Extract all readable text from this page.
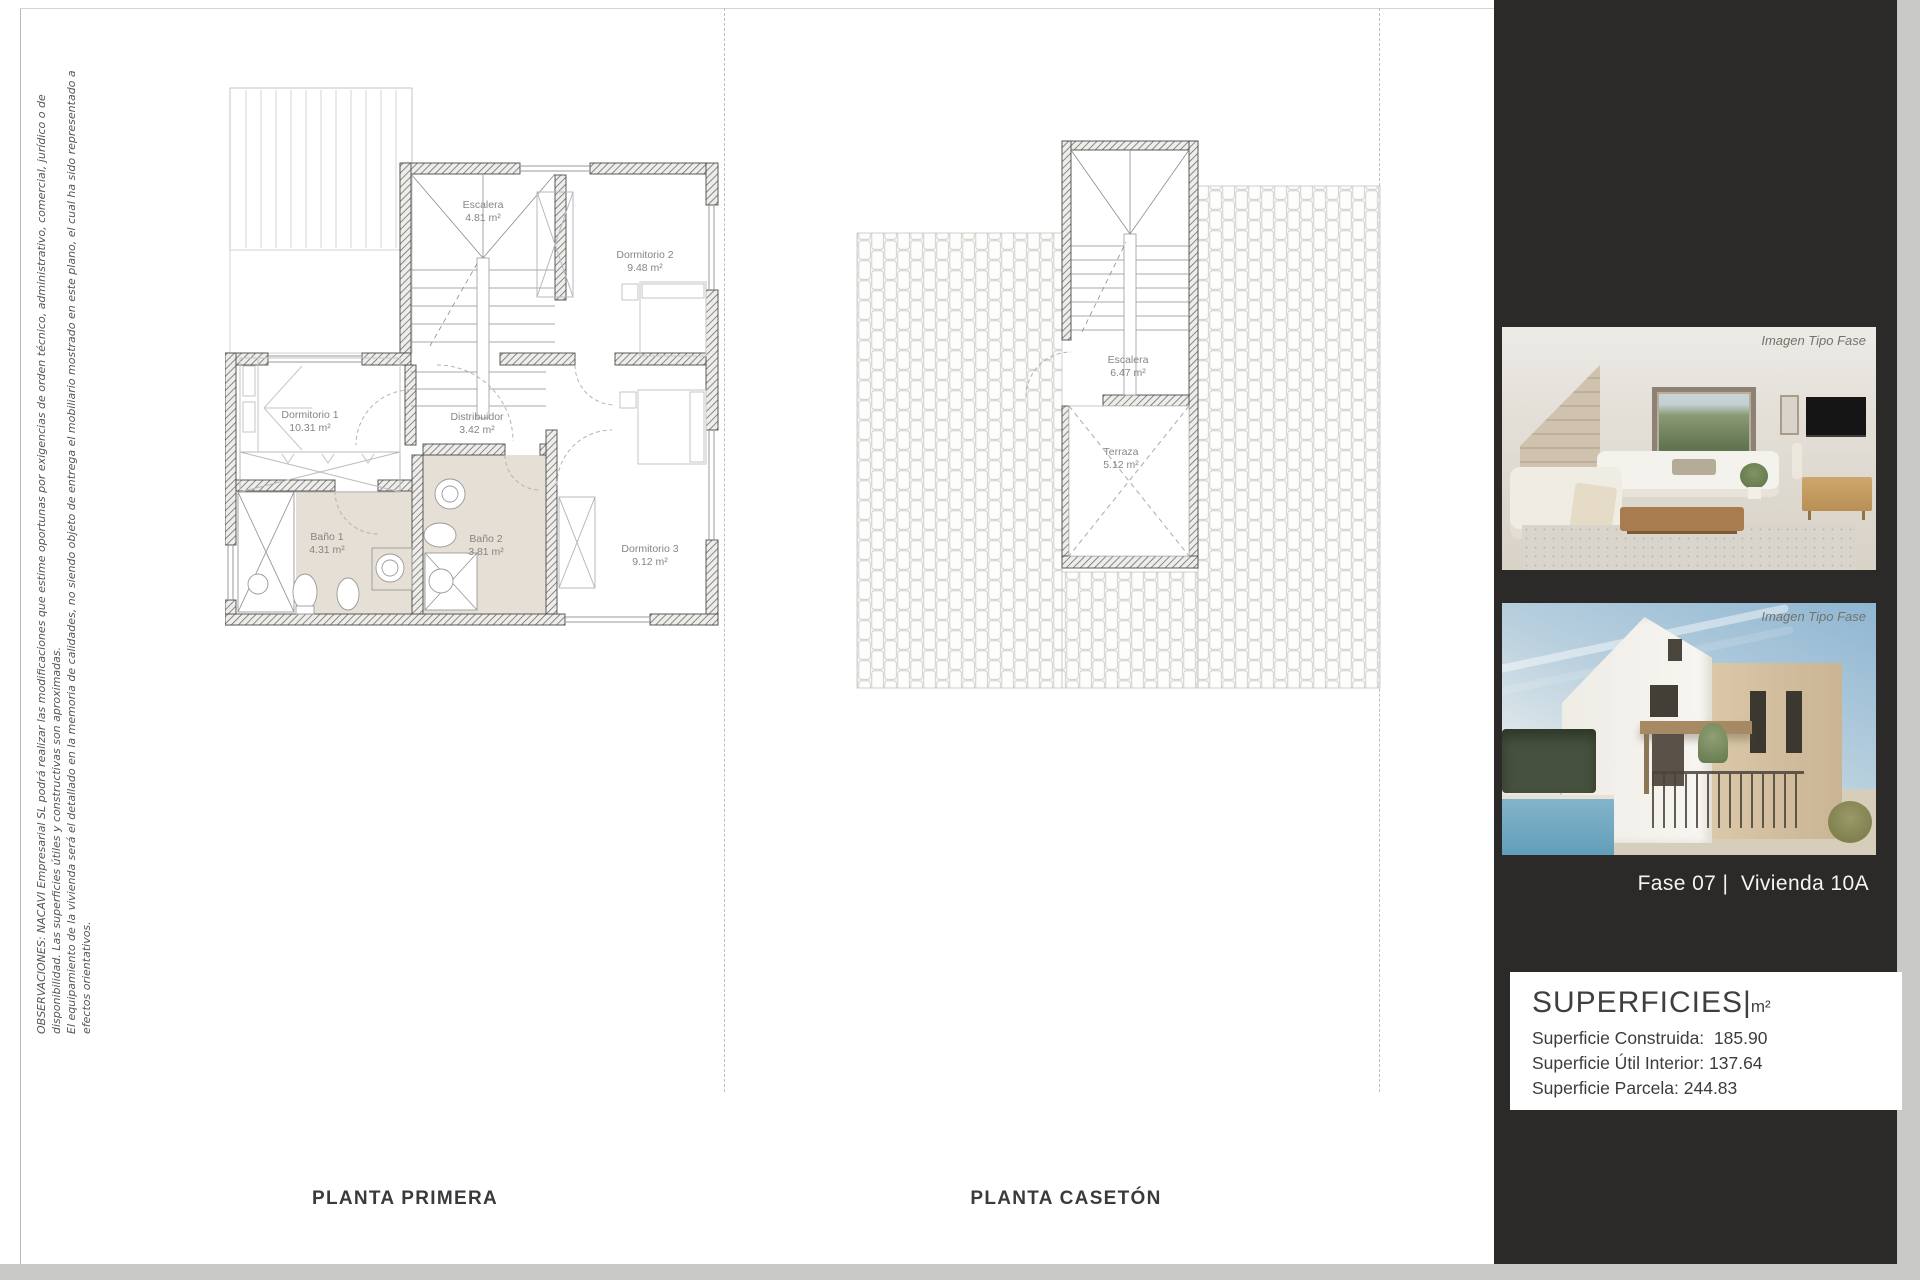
OBSERVACIONES: NACAVI Empresarial SL podrá realizar las modificaciones que estime oportunas por exigencias de orden técnico, administrativo, comercial, jurídico o de disponibilidad. Las superficies útiles y constructivas son aproximadas. El equipamiento de la vivienda será el detallado en la memoria de calidades, no siendo objeto de entrega el mobiliario mostrado en este plano, el cual ha sido representado a efectos orientativos.
Escalera
4.81 m²
Dormitorio 2
9.48 m²
Dormitorio 1
10.31 m²
Distribuidor
3.42 m²
Baño 1
4.31 m²
Baño 2
3.81 m²	Dormitorio 3
9.12 m²
Escalera
6.47 m²
Terraza
5.12 m²
PLANTA PRIMERA	PLANTA CASETÓN
Imagen Tipo Fase
Imagen Tipo Fase
Fase 07 |  Vivienda 10A
SUPERFICIES|m²
Superficie Construida:  185.90
Superficie Útil Interior: 137.64
Superficie Parcela: 244.83
